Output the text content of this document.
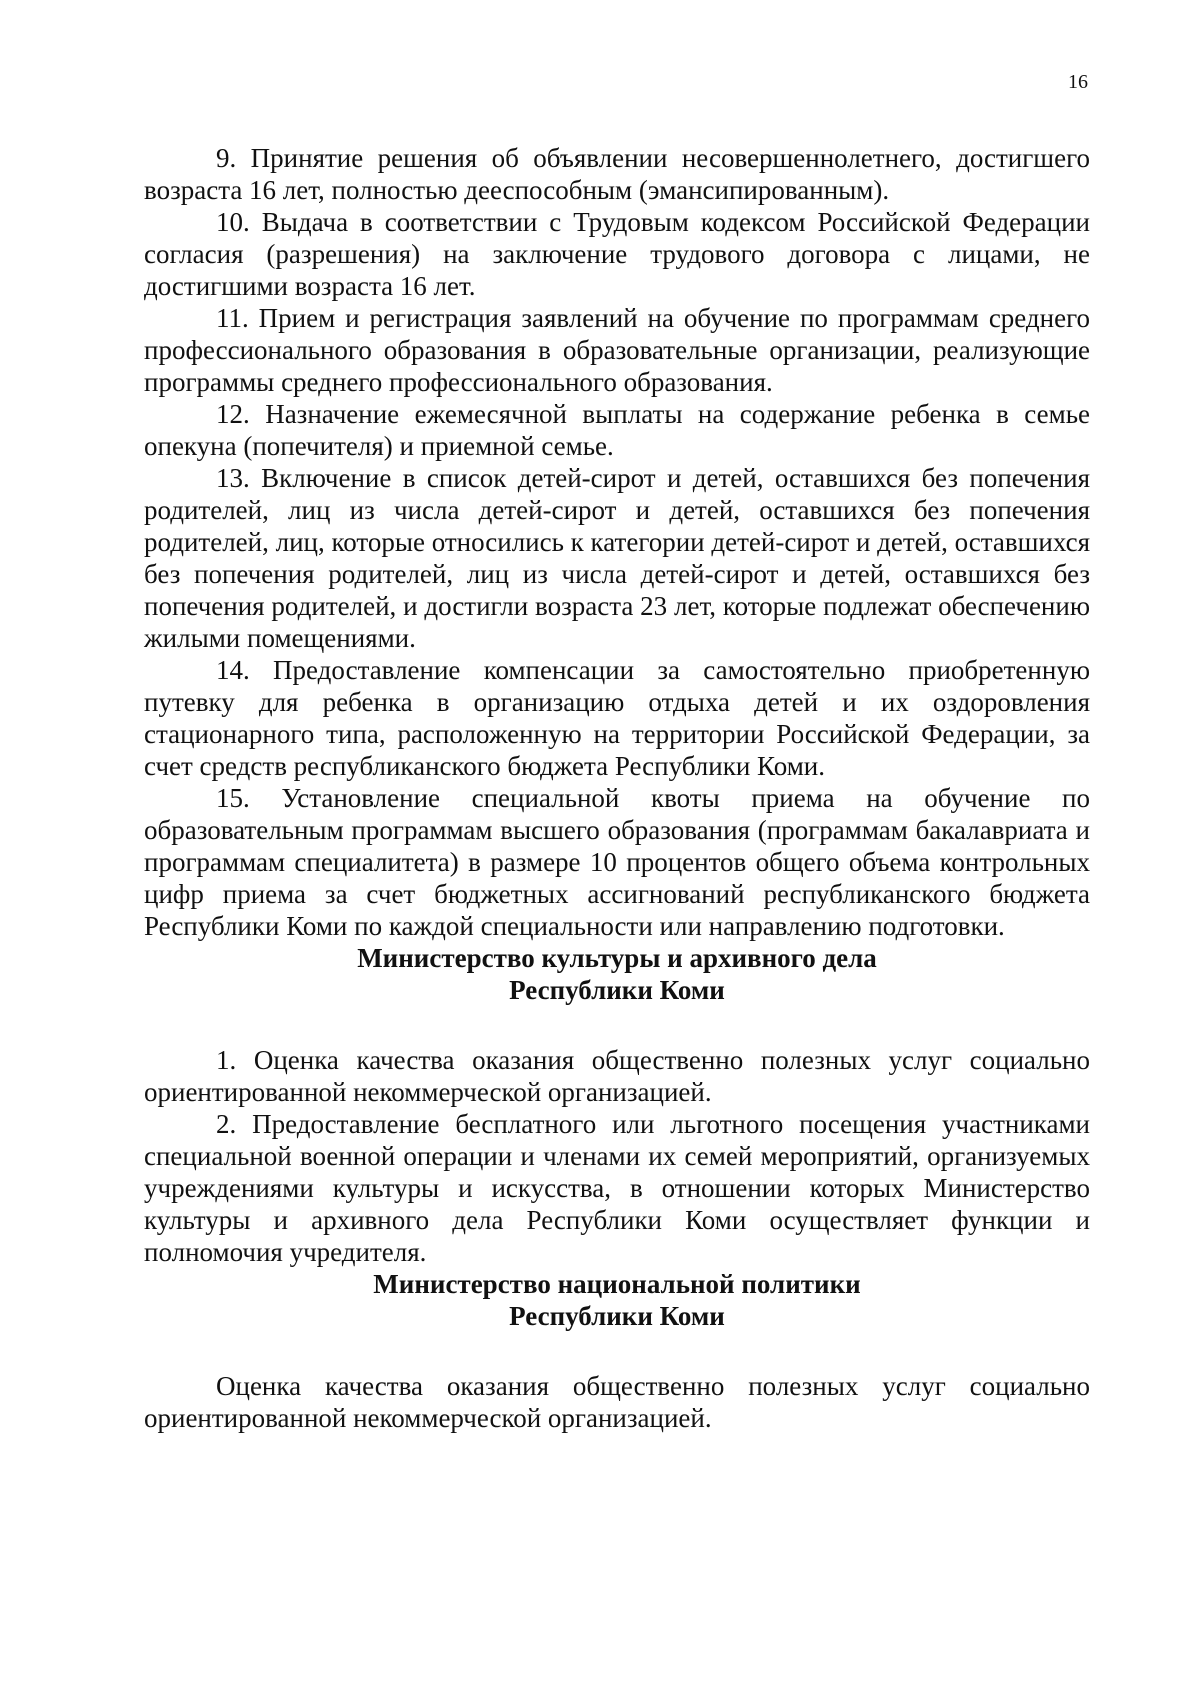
16

9. Принятие решения об объявлении несовершеннолетнего, достигшего возраста 16 лет, полностью дееспособным (эмансипированным).

10. Выдача в соответствии с Трудовым кодексом Российской Федерации согласия (разрешения) на заключение трудового договора с лицами, не достигшими возраста 16 лет.

11. Прием и регистрация заявлений на обучение по программам среднего профессионального образования в образовательные организации, реализующие программы среднего профессионального образования.

12. Назначение ежемесячной выплаты на содержание ребенка в семье опекуна (попечителя) и приемной семье.

13. Включение в список детей-сирот и детей, оставшихся без попечения родителей, лиц из числа детей-сирот и детей, оставшихся без попечения родителей, лиц, которые относились к категории детей-сирот и детей, оставшихся без попечения родителей, лиц из числа детей-сирот и детей, оставшихся без попечения родителей, и достигли возраста 23 лет, которые подлежат обеспечению жилыми помещениями.

14. Предоставление компенсации за самостоятельно приобретенную путевку для ребенка в организацию отдыха детей и их оздоровления стационарного типа, расположенную на территории Российской Федерации, за счет средств республиканского бюджета Республики Коми.

15. Установление специальной квоты приема на обучение по образовательным программам высшего образования (программам бакалавриата и программам специалитета) в размере 10 процентов общего объема контрольных цифр приема за счет бюджетных ассигнований республиканского бюджета Республики Коми по каждой специальности или направлению подготовки.

Министерство культуры и архивного дела
Республики Коми

1. Оценка качества оказания общественно полезных услуг социально ориентированной некоммерческой организацией.

2. Предоставление бесплатного или льготного посещения участниками специальной военной операции и членами их семей мероприятий, организуемых учреждениями культуры и искусства, в отношении которых Министерство культуры и архивного дела Республики Коми осуществляет функции и полномочия учредителя.

Министерство национальной политики
Республики Коми

Оценка качества оказания общественно полезных услуг социально ориентированной некоммерческой организацией.
